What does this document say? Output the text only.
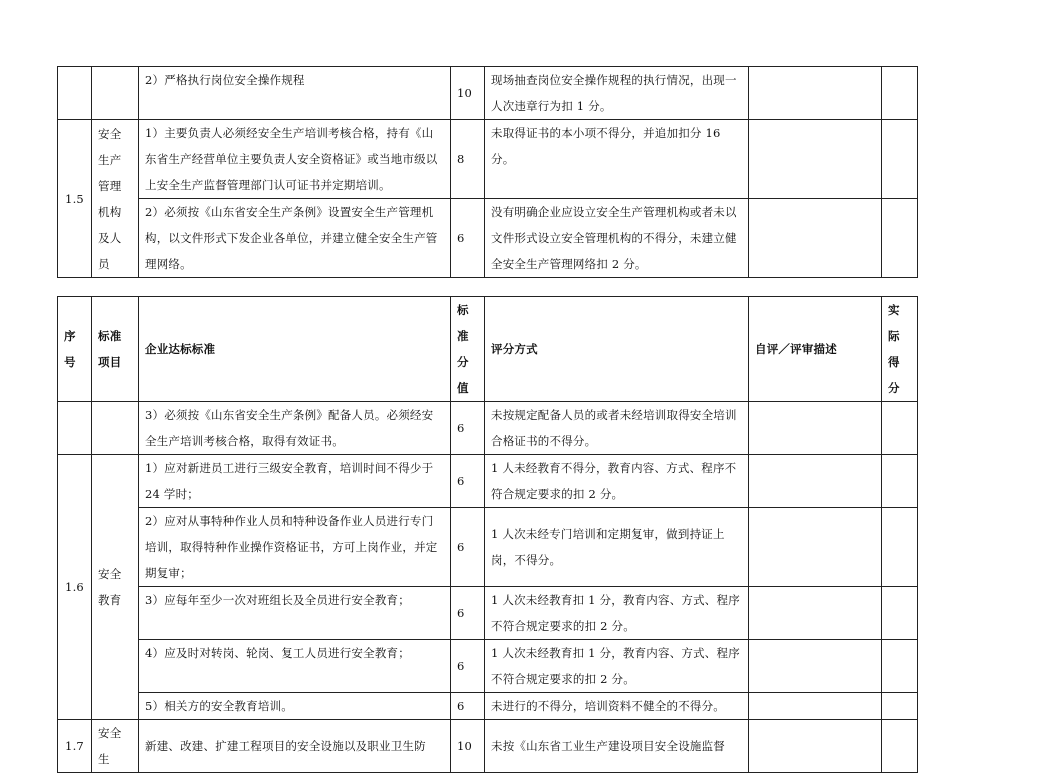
		2）严格执行岗位安全操作规程	10	现场抽查岗位安全操作规程的执行情况，出现一人次违章行为扣 1 分。		
1.5	安全生产管理机构及人员	1）主要负责人必须经安全生产培训考核合格，持有《山东省生产经营单位主要负责人安全资格证》或当地市级以上安全生产监督管理部门认可证书并定期培训。	8	未取得证书的本小项不得分，并追加扣分 16 分。		
		2）必须按《山东省安全生产条例》设置安全生产管理机构，以文件形式下发企业各单位，并建立健全安全生产管理网络。	6	没有明确企业应设立安全生产管理机构或者未以文件形式设立安全管理机构的不得分，未建立健全安全生产管理网络扣 2 分。		
序号	标准项目	企业达标标准	标准分值	评分方式	自评／评审描述	实际得分
		3）必须按《山东省安全生产条例》配备人员。必须经安全生产培训考核合格，取得有效证书。	6	未按规定配备人员的或者未经培训取得安全培训合格证书的不得分。		
1.6	安全教育	1）应对新进员工进行三级安全教育，培训时间不得少于 24 学时；	6	1 人未经教育不得分，教育内容、方式、程序不符合规定要求的扣 2 分。		
		2）应对从事特种作业人员和特种设备作业人员进行专门培训，取得特种作业操作资格证书，方可上岗作业，并定期复审；	6	1 人次未经专门培训和定期复审，做到持证上岗，不得分。		
		3）应每年至少一次对班组长及全员进行安全教育；	6	1 人次未经教育扣 1 分，教育内容、方式、程序不符合规定要求的扣 2 分。		
		4）应及时对转岗、轮岗、复工人员进行安全教育；	6	1 人次未经教育扣 1 分，教育内容、方式、程序不符合规定要求的扣 2 分。		
		5）相关方的安全教育培训。	6	未进行的不得分，培训资料不健全的不得分。		
1.7	安全生	新建、改建、扩建工程项目的安全设施以及职业卫生防	10	未按《山东省工业生产建设项目安全设施监督		
